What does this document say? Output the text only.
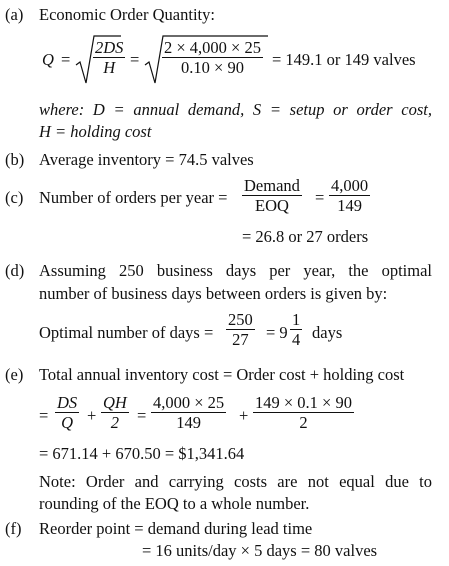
(a) Economic Order Quantity:
$Q = \frac{2DS}{H} = \frac{2 \times 4,000 \times 25}{0.10 \times 90} = 149.1$ or 149 valves
where: D = annual demand, S = setup or order cost,
H = holding cost
(b) Average inventory = 74.5 valves
(c) Number of orders per year =
Demand
EOQ	= $\frac{4,000}{149}$
= 26.8 or 27 orders
(d) Assuming 250 business days per year, the optimal
number of business days between orders is given by:
Optimal number of days = $\frac{250}{27} = 9 \frac{1}{4}$ days
(e) Total annual inventory cost = Order cost + holding cost
= $\frac{DS}{Q} + \frac{QH}{2} = \frac{4,000 \times 25}{149} + \frac{149 \times 0.1 \times 90}{2}$
= 671.14 + 670.50 = $1,341.64
Note: Order and carrying costs are not equal due to
rounding of the EOQ to a whole number.
(f) Reorder point = demand during lead time
= 16 units/day × 5 days = 80 valves
